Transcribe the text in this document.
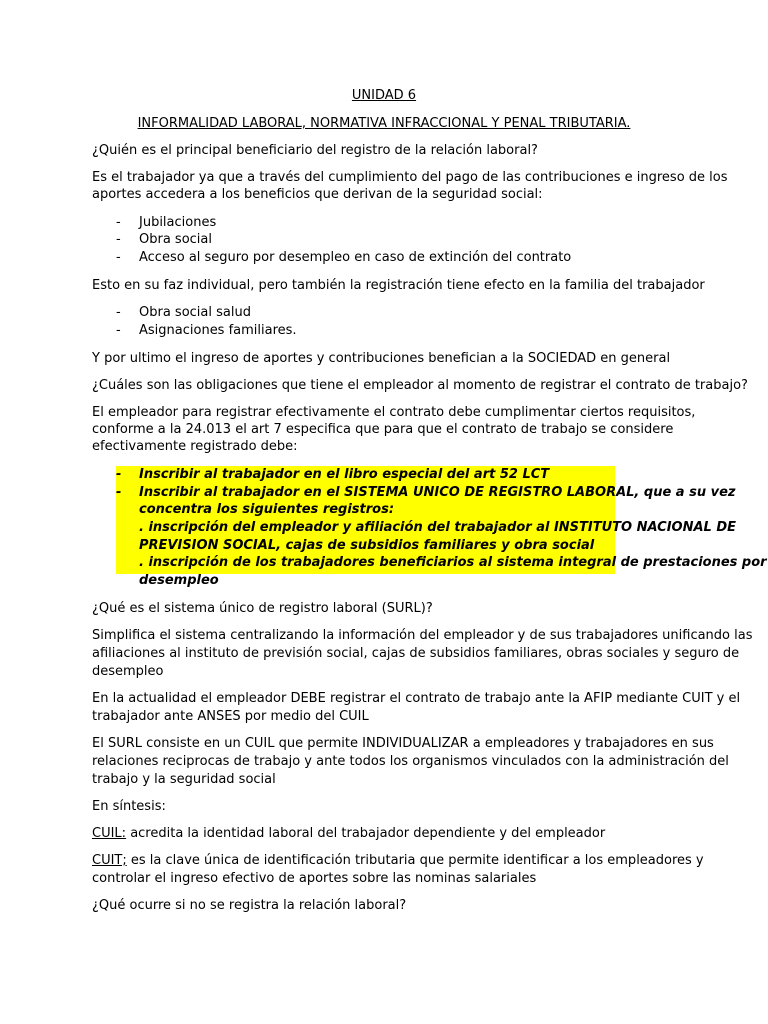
UNIDAD 6

INFORMALIDAD LABORAL, NORMATIVA INFRACCIONAL Y PENAL TRIBUTARIA.

¿Quién es el principal beneficiario del registro de la relación laboral?

Es el trabajador ya que a través del cumplimiento del pago de las contribuciones e ingreso de los

aportes accedera a los beneficios que derivan de la seguridad social:

- Jubilaciones

- Obra social

- Acceso al seguro por desempleo en caso de extinción del contrato

Esto en su faz individual, pero también la registración tiene efecto en la familia del trabajador

- Obra social salud

- Asignaciones familiares.

Y por ultimo el ingreso de aportes y contribuciones benefician a la SOCIEDAD en general

¿Cuáles son las obligaciones que tiene el empleador al momento de registrar el contrato de trabajo?

El empleador para registrar efectivamente el contrato debe cumplimentar ciertos requisitos,

conforme a la 24.013 el art 7 especifica que para que el contrato de trabajo se considere

efectivamente registrado debe:

- Inscribir al trabajador en el libro especial del art 52 LCT

- Inscribir al trabajador en el SISTEMA UNICO DE REGISTRO LABORAL, que a su vez

concentra los siguientes registros:

. inscripción del empleador y afiliación del trabajador al INSTITUTO NACIONAL DE

PREVISION SOCIAL, cajas de subsidios familiares y obra social

. inscripción de los trabajadores beneficiarios al sistema integral de prestaciones por

desempleo

¿Qué es el sistema único de registro laboral (SURL)?

Simplifica el sistema centralizando la información del empleador y de sus trabajadores unificando las

afiliaciones al instituto de previsión social, cajas de subsidios familiares, obras sociales y seguro de

desempleo

En la actualidad el empleador DEBE registrar el contrato de trabajo ante la AFIP mediante CUIT y el

trabajador ante ANSES por medio del CUIL

El SURL consiste en un CUIL que permite INDIVIDUALIZAR a empleadores y trabajadores en sus

relaciones reciprocas de trabajo y ante todos los organismos vinculados con la administración del

trabajo y la seguridad social

En síntesis:

CUIL: acredita la identidad laboral del trabajador dependiente y del empleador

CUIT; es la clave única de identificación tributaria que permite identificar a los empleadores y

controlar el ingreso efectivo de aportes sobre las nominas salariales

¿Qué ocurre si no se registra la relación laboral?
